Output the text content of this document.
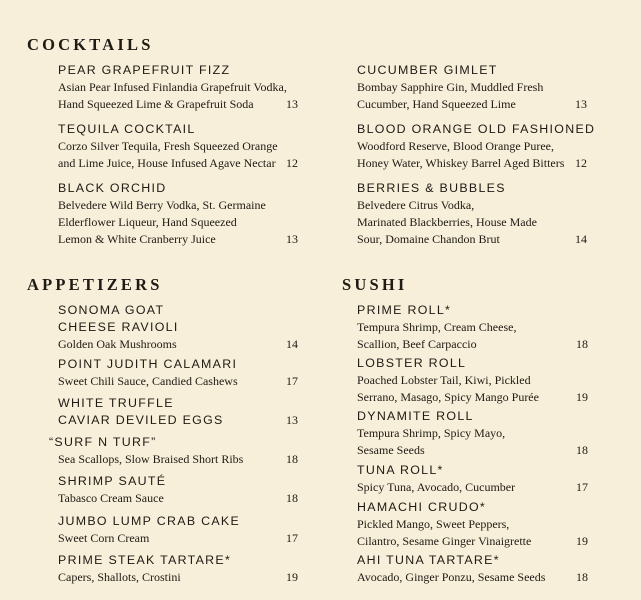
COCKTAILS
APPETIZERS	SUSHI
PEAR GRAPEFRUIT FIZZ
Asian Pear Infused Finlandia Grapefruit Vodka,
Hand Squeezed Lime & Grapefruit Soda
TEQUILA COCKTAIL
Corzo Silver Tequila, Fresh Squeezed Orange
and Lime Juice, House Infused Agave Nectar
BLACK ORCHID
Belvedere Wild Berry Vodka, St. Germaine
Elderflower Liqueur, Hand Squeezed
Lemon & White Cranberry Juice
13
12
13
CUCUMBER GIMLET
Bombay Sapphire Gin, Muddled Fresh
Cucumber, Hand Squeezed Lime
BLOOD ORANGE OLD FASHIONED
Woodford Reserve, Blood Orange Puree,
Honey Water, Whiskey Barrel Aged Bitters
BERRIES & BUBBLES
Belvedere Citrus Vodka,
Marinated Blackberries, House Made
Sour, Domaine Chandon Brut
13
12
14
SONOMA GOAT
CHEESE RAVIOLI
Golden Oak Mushrooms
POINT JUDITH CALAMARI
Sweet Chili Sauce, Candied Cashews
WHITE TRUFFLE
CAVIAR DEVILED EGGS
“SURF N TURF”
Sea Scallops, Slow Braised Short Ribs
SHRIMP SAUTÉ
Tabasco Cream Sauce
JUMBO LUMP CRAB CAKE
Sweet Corn Cream
PRIME STEAK TARTARE*
Capers, Shallots, Crostini
14
17
13
18
18
17
19
PRIME ROLL*
Tempura Shrimp, Cream Cheese,
Scallion, Beef Carpaccio
LOBSTER ROLL
Poached Lobster Tail, Kiwi, Pickled
Serrano, Masago, Spicy Mango Purée
DYNAMITE ROLL
Tempura Shrimp, Spicy Mayo,
Sesame Seeds
TUNA ROLL*
Spicy Tuna, Avocado, Cucumber
HAMACHI CRUDO*
Pickled Mango, Sweet Peppers,
Cilantro, Sesame Ginger Vinaigrette
AHI TUNA TARTARE*
Avocado, Ginger Ponzu, Sesame Seeds
18
19
18
17
19
18
